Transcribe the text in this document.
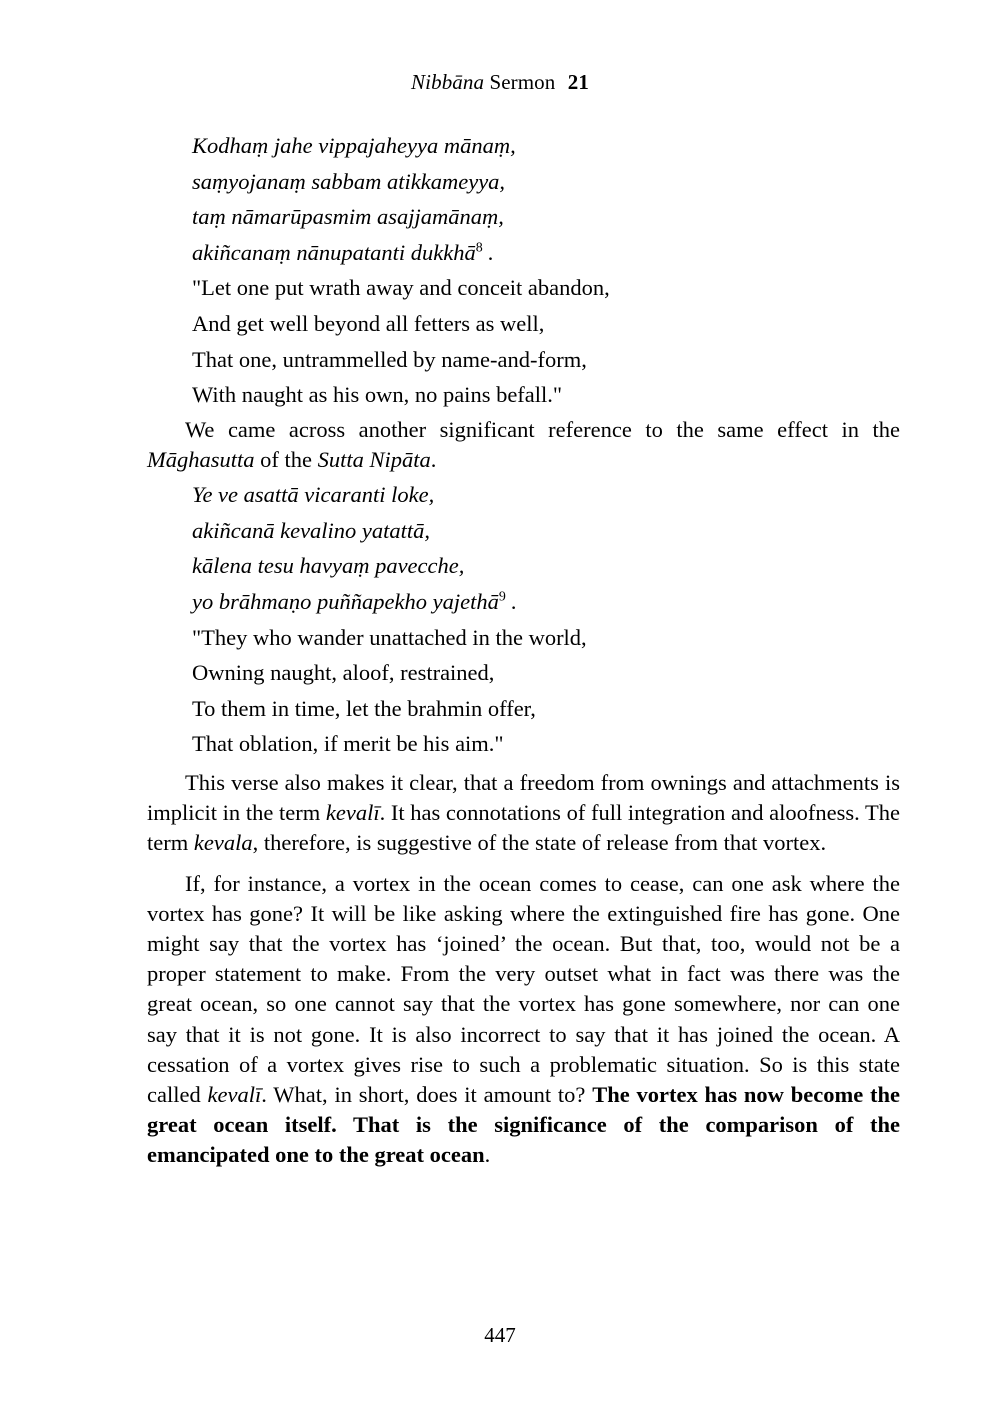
Nibbāna Sermon 21
Kodhaṃ jahe vippajaheyya mānaṃ,
saṃyojanaṃ sabbam atikkameyya,
taṃ nāmarūpasmim asajjamānaṃ,
akiñcanaṃ nānupatanti dukkhā$^8$ .
"Let one put wrath away and conceit abandon,
And get well beyond all fetters as well,
That one, untrammelled by name-and-form,
With naught as his own, no pains befall."

We came across another significant reference to the same effect in the Māghasutta of the Sutta Nipāta.

Ye ve asattā vicaranti loke,
akiñcanā kevalino yatattā,
kālena tesu havyaṃ pavecche,
yo brāhmaṇo puññapekho yajethā$^9$ .
"They who wander unattached in the world,
Owning naught, aloof, restrained,
To them in time, let the brahmin offer,
That oblation, if merit be his aim."

This verse also makes it clear, that a freedom from ownings and attachments is implicit in the term kevalī. It has connotations of full integration and aloofness. The term kevala, therefore, is suggestive of the state of release from that vortex.

If, for instance, a vortex in the ocean comes to cease, can one ask where the vortex has gone? It will be like asking where the extinguished fire has gone. One might say that the vortex has ‘joined’ the ocean. But that, too, would not be a proper statement to make. From the very outset what in fact was there was the great ocean, so one cannot say that the vortex has gone somewhere, nor can one say that it is not gone. It is also incorrect to say that it has joined the ocean. A cessation of a vortex gives rise to such a problematic situation. So is this state called kevalī. What, in short, does it amount to? The vortex has now become the great ocean itself. That is the significance of the comparison of the emancipated one to the great ocean.

447
